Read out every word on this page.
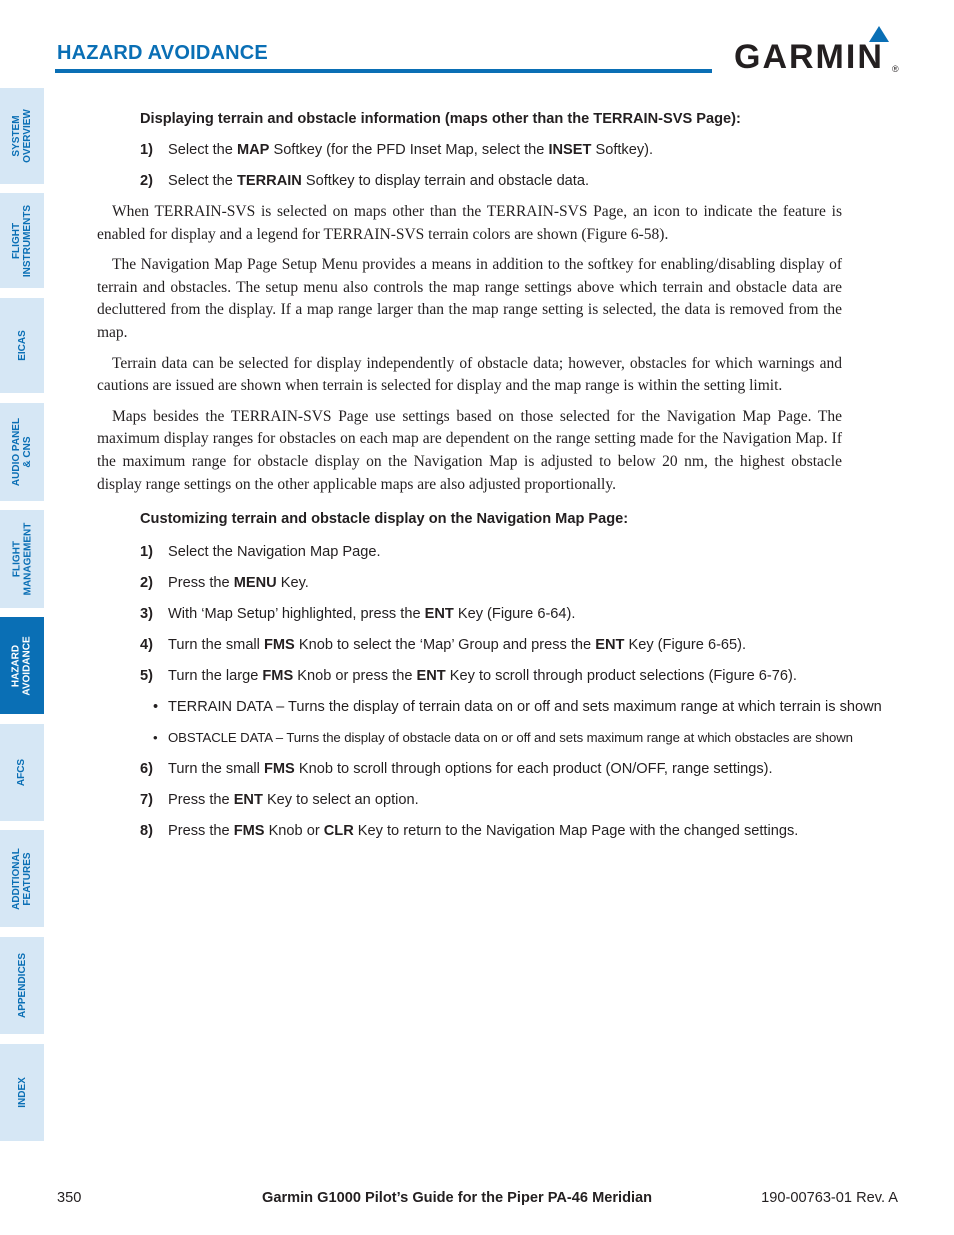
HAZARD AVOIDANCE	GARMIN ®
SYSTEM
OVERVIEW
FLIGHT
INSTRUMENTS
EICAS
AUDIO PANEL
& CNS
FLIGHT
MANAGEMENT
HAZARD
AVOIDANCE
AFCS
ADDITIONAL
FEATURES
APPENDICES
INDEX

Displaying terrain and obstacle information (maps other than the TERRAIN-SVS Page):

1) Select the MAP Softkey (for the PFD Inset Map, select the INSET Softkey).

2) Select the TERRAIN Softkey to display terrain and obstacle data.

When TERRAIN-SVS is selected on maps other than the TERRAIN-SVS Page, an icon to indicate the feature is enabled for display and a legend for TERRAIN-SVS terrain colors are shown (Figure 6-58).

The Navigation Map Page Setup Menu provides a means in addition to the softkey for enabling/disabling display of terrain and obstacles. The setup menu also controls the map range settings above which terrain and obstacle data are decluttered from the display. If a map range larger than the map range setting is selected, the data is removed from the map.

Terrain data can be selected for display independently of obstacle data; however, obstacles for which warnings and cautions are issued are shown when terrain is selected for display and the map range is within the setting limit.

Maps besides the TERRAIN-SVS Page use settings based on those selected for the Navigation Map Page. The maximum display ranges for obstacles on each map are dependent on the range setting made for the Navigation Map. If the maximum range for obstacle display on the Navigation Map is adjusted to below 20 nm, the highest obstacle display range settings on the other applicable maps are also adjusted proportionally.

Customizing terrain and obstacle display on the Navigation Map Page:

1) Select the Navigation Map Page.

2) Press the MENU Key.

3) With ‘Map Setup’ highlighted, press the ENT Key (Figure 6-64).

4) Turn the small FMS Knob to select the ‘Map’ Group and press the ENT Key (Figure 6-65).

5) Turn the large FMS Knob or press the ENT Key to scroll through product selections (Figure 6-76).

• TERRAIN DATA – Turns the display of terrain data on or off and sets maximum range at which terrain is shown

• OBSTACLE DATA – Turns the display of obstacle data on or off and sets maximum range at which obstacles are shown

6) Turn the small FMS Knob to scroll through options for each product (ON/OFF, range settings).

7) Press the ENT Key to select an option.

8) Press the FMS Knob or CLR Key to return to the Navigation Map Page with the changed settings.

350	Garmin G1000 Pilot’s Guide for the Piper PA-46 Meridian	190-00763-01 Rev. A
